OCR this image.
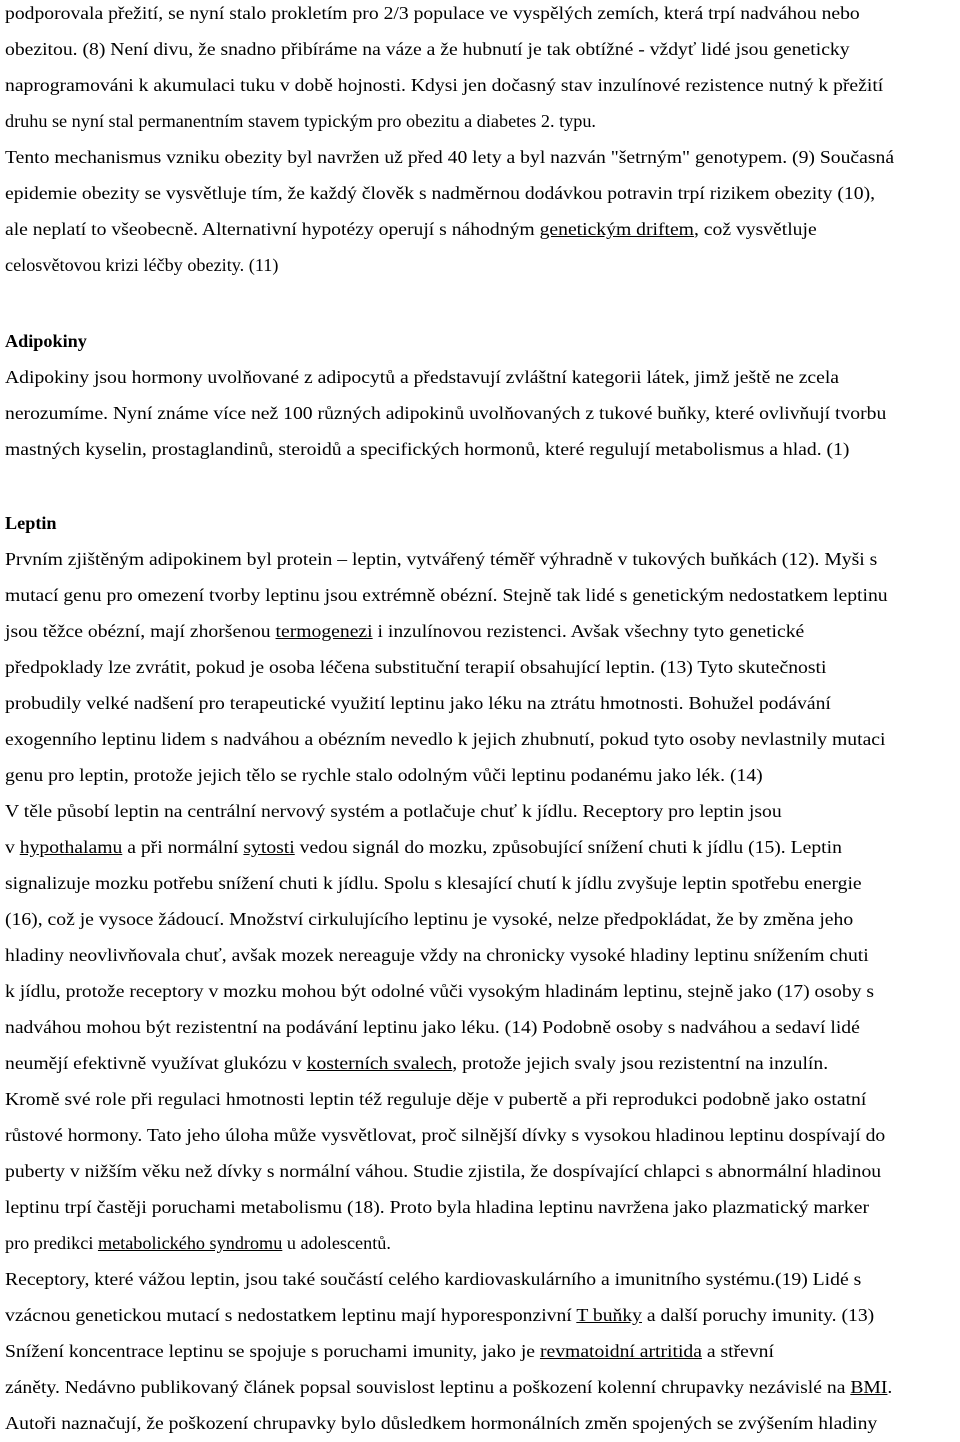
podporovala přežití, se nyní stalo prokletím pro 2/3 populace ve vyspělých zemích, která trpí nadváhou nebo
obezitou. (8) Není divu, že snadno přibíráme na váze a že hubnutí je tak obtížné - vždyť lidé jsou geneticky
naprogramováni k akumulaci tuku v době hojnosti. Kdysi jen dočasný stav inzulínové rezistence nutný k přežití
druhu se nyní stal permanentním stavem typickým pro obezitu a diabetes 2. typu.
Tento mechanismus vzniku obezity byl navržen už před 40 lety a byl nazván "šetrným" genotypem. (9) Současná
epidemie obezity se vysvětluje tím, že každý člověk s nadměrnou dodávkou potravin trpí rizikem obezity (10),
ale neplatí to všeobecně. Alternativní hypotézy operují s náhodným genetickým driftem, což vysvětluje
celosvětovou krizi léčby obezity. (11)
Adipokiny
Adipokiny jsou hormony uvolňované z adipocytů a představují zvláštní kategorii látek, jimž ještě ne zcela
nerozumíme. Nyní známe více než 100 různých adipokinů uvolňovaných z tukové buňky, které ovlivňují tvorbu
mastných kyselin, prostaglandinů, steroidů a specifických hormonů, které regulují metabolismus a hlad. (1)
Leptin
Prvním zjištěným adipokinem byl protein – leptin, vytvářený téměř výhradně v tukových buňkách (12). Myši s
mutací genu pro omezení tvorby leptinu jsou extrémně obézní. Stejně tak lidé s genetickým nedostatkem leptinu
jsou těžce obézní, mají zhoršenou termogenezi i inzulínovou rezistenci. Avšak všechny tyto genetické
předpoklady lze zvrátit, pokud je osoba léčena substituční terapií obsahující leptin. (13) Tyto skutečnosti
probudily velké nadšení pro terapeutické využití leptinu jako léku na ztrátu hmotnosti. Bohužel podávání
exogenního leptinu lidem s nadváhou a obézním nevedlo k jejich zhubnutí, pokud tyto osoby nevlastnily mutaci
genu pro leptin, protože jejich tělo se rychle stalo odolným vůči leptinu podanému jako lék. (14)
V těle působí leptin na centrální nervový systém a potlačuje chuť k jídlu. Receptory pro leptin jsou
v hypothalamu a při normální sytosti vedou signál do mozku, způsobující snížení chuti k jídlu (15). Leptin
signalizuje mozku potřebu snížení chuti k jídlu. Spolu s klesající chutí k jídlu zvyšuje leptin spotřebu energie
(16), což je vysoce žádoucí. Množství cirkulujícího leptinu je vysoké, nelze předpokládat, že by změna jeho
hladiny neovlivňovala chuť, avšak mozek nereaguje vždy na chronicky vysoké hladiny leptinu snížením chuti
k jídlu, protože receptory v mozku mohou být odolné vůči vysokým hladinám leptinu, stejně jako (17) osoby s
nadváhou mohou být rezistentní na podávání leptinu jako léku. (14) Podobně osoby s nadváhou a sedaví lidé
neumějí efektivně využívat glukózu v kosterních svalech, protože jejich svaly jsou rezistentní na inzulín.
Kromě své role při regulaci hmotnosti leptin též reguluje děje v pubertě a při reprodukci podobně jako ostatní
růstové hormony. Tato jeho úloha může vysvětlovat, proč silnější dívky s vysokou hladinou leptinu dospívají do
puberty v nižším věku než dívky s normální váhou. Studie zjistila, že dospívající chlapci s abnormální hladinou
leptinu trpí častěji poruchami metabolismu (18). Proto byla hladina leptinu navržena jako plazmatický marker
pro predikci metabolického syndromu u adolescentů.
Receptory, které vážou leptin, jsou také součástí celého kardiovaskulárního a imunitního systému.(19) Lidé s
vzácnou genetickou mutací s nedostatkem leptinu mají hyporesponzivní T buňky a další poruchy imunity. (13)
Snížení koncentrace leptinu se spojuje s poruchami imunity, jako je revmatoidní artritida a střevní
záněty. Nedávno publikovaný článek popsal souvislost leptinu a poškození kolenní chrupavky nezávislé na BMI.
Autoři naznačují, že poškození chrupavky bylo důsledkem hormonálních změn spojených se zvýšením hladiny
